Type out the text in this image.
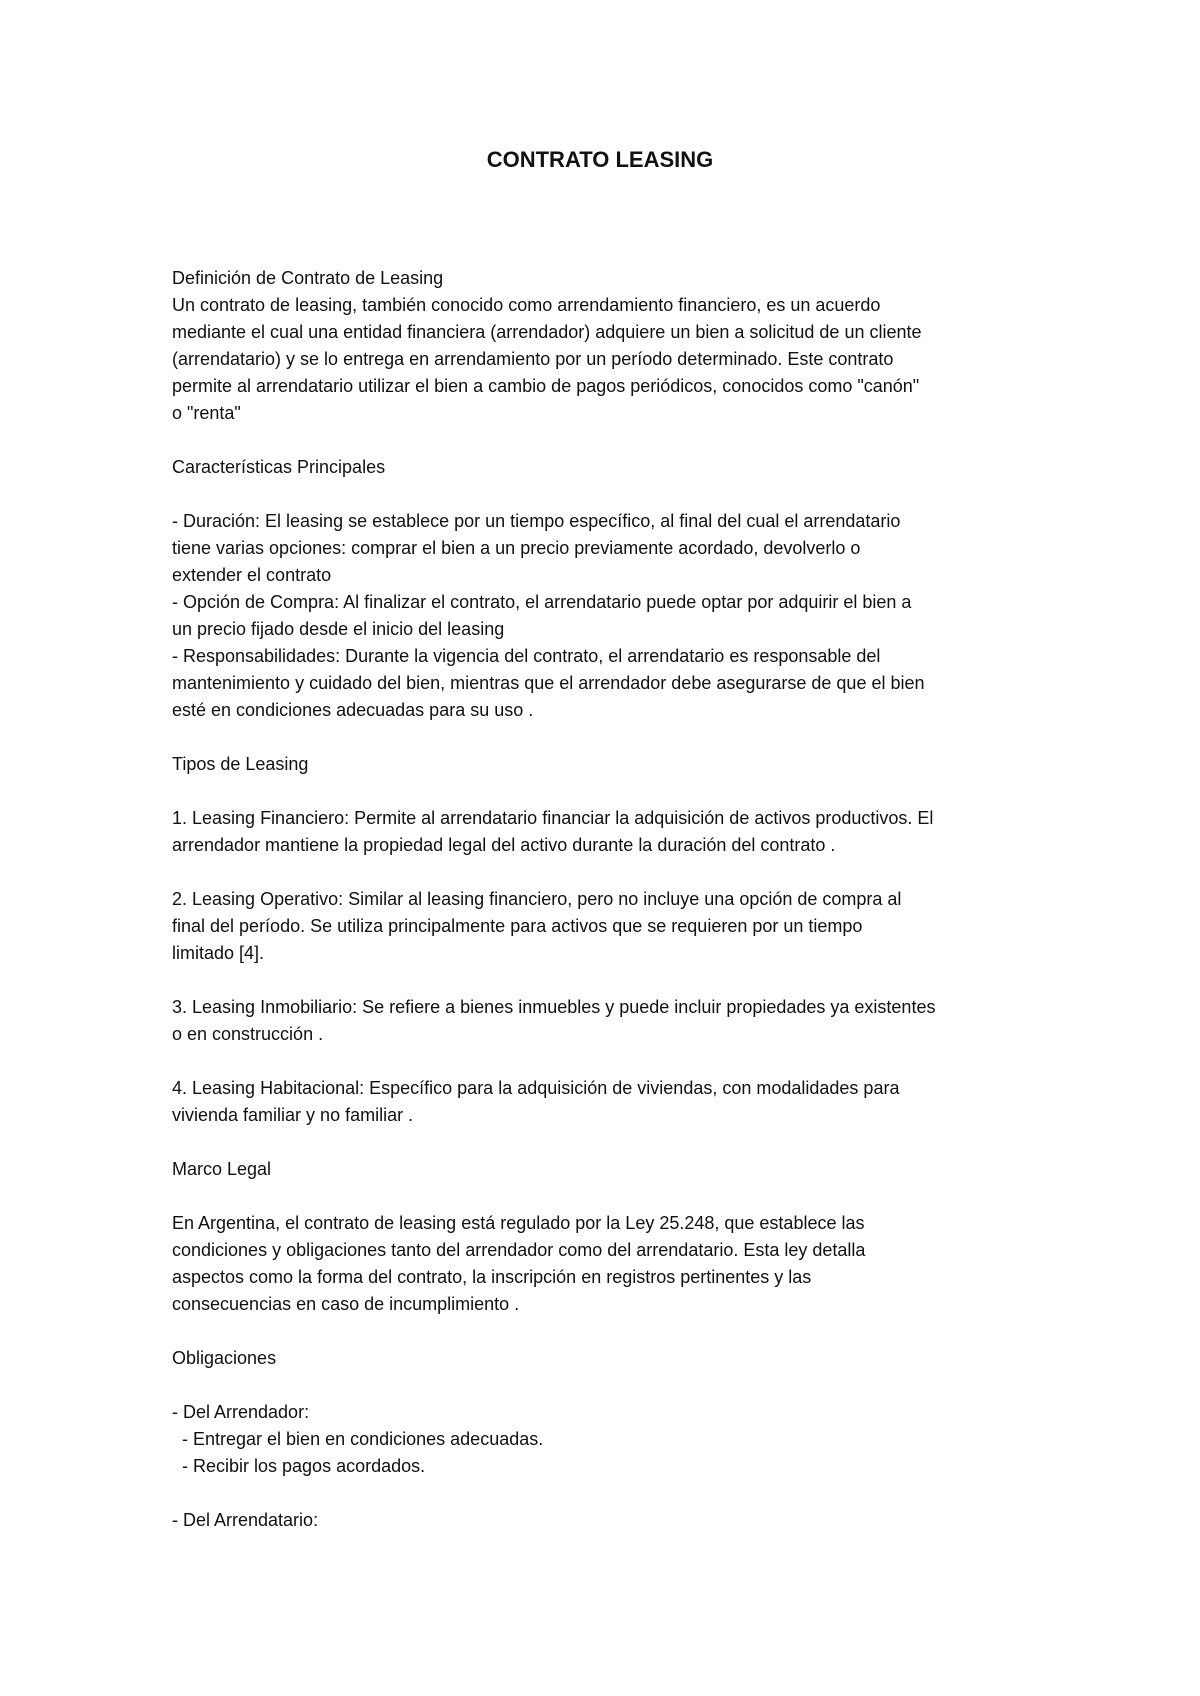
CONTRATO LEASING

Definición de Contrato de Leasing

Un contrato de leasing, también conocido como arrendamiento financiero, es un acuerdo

mediante el cual una entidad financiera (arrendador) adquiere un bien a solicitud de un cliente

(arrendatario) y se lo entrega en arrendamiento por un período determinado. Este contrato

permite al arrendatario utilizar el bien a cambio de pagos periódicos, conocidos como "canón"

o "renta"

Características Principales

- Duración: El leasing se establece por un tiempo específico, al final del cual el arrendatario

tiene varias opciones: comprar el bien a un precio previamente acordado, devolverlo o

extender el contrato

- Opción de Compra: Al finalizar el contrato, el arrendatario puede optar por adquirir el bien a

un precio fijado desde el inicio del leasing

- Responsabilidades: Durante la vigencia del contrato, el arrendatario es responsable del

mantenimiento y cuidado del bien, mientras que el arrendador debe asegurarse de que el bien

esté en condiciones adecuadas para su uso .

Tipos de Leasing

1. Leasing Financiero: Permite al arrendatario financiar la adquisición de activos productivos. El

arrendador mantiene la propiedad legal del activo durante la duración del contrato .

2. Leasing Operativo: Similar al leasing financiero, pero no incluye una opción de compra al

final del período. Se utiliza principalmente para activos que se requieren por un tiempo

limitado [4].

3. Leasing Inmobiliario: Se refiere a bienes inmuebles y puede incluir propiedades ya existentes

o en construcción .

4. Leasing Habitacional: Específico para la adquisición de viviendas, con modalidades para

vivienda familiar y no familiar .

Marco Legal

En Argentina, el contrato de leasing está regulado por la Ley 25.248, que establece las

condiciones y obligaciones tanto del arrendador como del arrendatario. Esta ley detalla

aspectos como la forma del contrato, la inscripción en registros pertinentes y las

consecuencias en caso de incumplimiento .

Obligaciones

- Del Arrendador:

- Entregar el bien en condiciones adecuadas.

- Recibir los pagos acordados.

- Del Arrendatario:
